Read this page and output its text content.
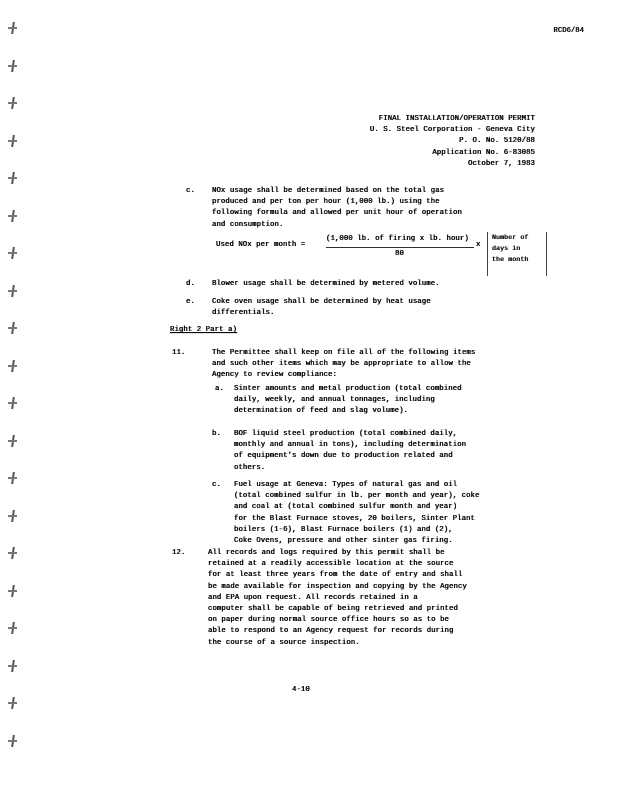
RCD6/84
FINAL INSTALLATION/OPERATION PERMIT
U. S. Steel Corporation - Geneva City
P. O. No. 5120/88
Application No. 6-83085
October 7, 1983
c. NOx usage shall be determined based on the total gas
produced and per ton per hour (1,000 lb.) using the
following formula and allowed per unit hour of operation
and consumption.
Used NOx per month =
(1,000 lb. of firing x lb. hour)
80
x
Number of
days in
the month
d. Blower usage shall be determined by metered volume.
e. Coke oven usage shall be determined by heat usage
differentials.
Right 2 Part a)
11.	The Permittee shall keep on file all of the following items
and such other items which may be appropriate to allow the
Agency to review compliance:
a. Sinter amounts and metal production (total combined
daily, weekly, and annual tonnages, including
determination of feed and slag volume).
b. BOF liquid steel production (total combined daily,
monthly and annual in tons), including determination
of equipment's down due to production related and
others.
c. Fuel usage at Geneva: Types of natural gas and oil
(total combined sulfur in lb. per month and year), coke
and coal at (total combined sulfur month and year)
for the Blast Furnace stoves, 20 boilers, Sinter Plant
boilers (1-6), Blast Furnace boilers (1) and (2),
Coke Ovens, pressure and other sinter gas firing.
12.	All records and logs required by this permit shall be
retained at a readily accessible location at the source
for at least three years from the date of entry and shall
be made available for inspection and copying by the Agency
and EPA upon request. All records retained in a
computer shall be capable of being retrieved and printed
on paper during normal source office hours so as to be
able to respond to an Agency request for records during
the course of a source inspection.
4-10
